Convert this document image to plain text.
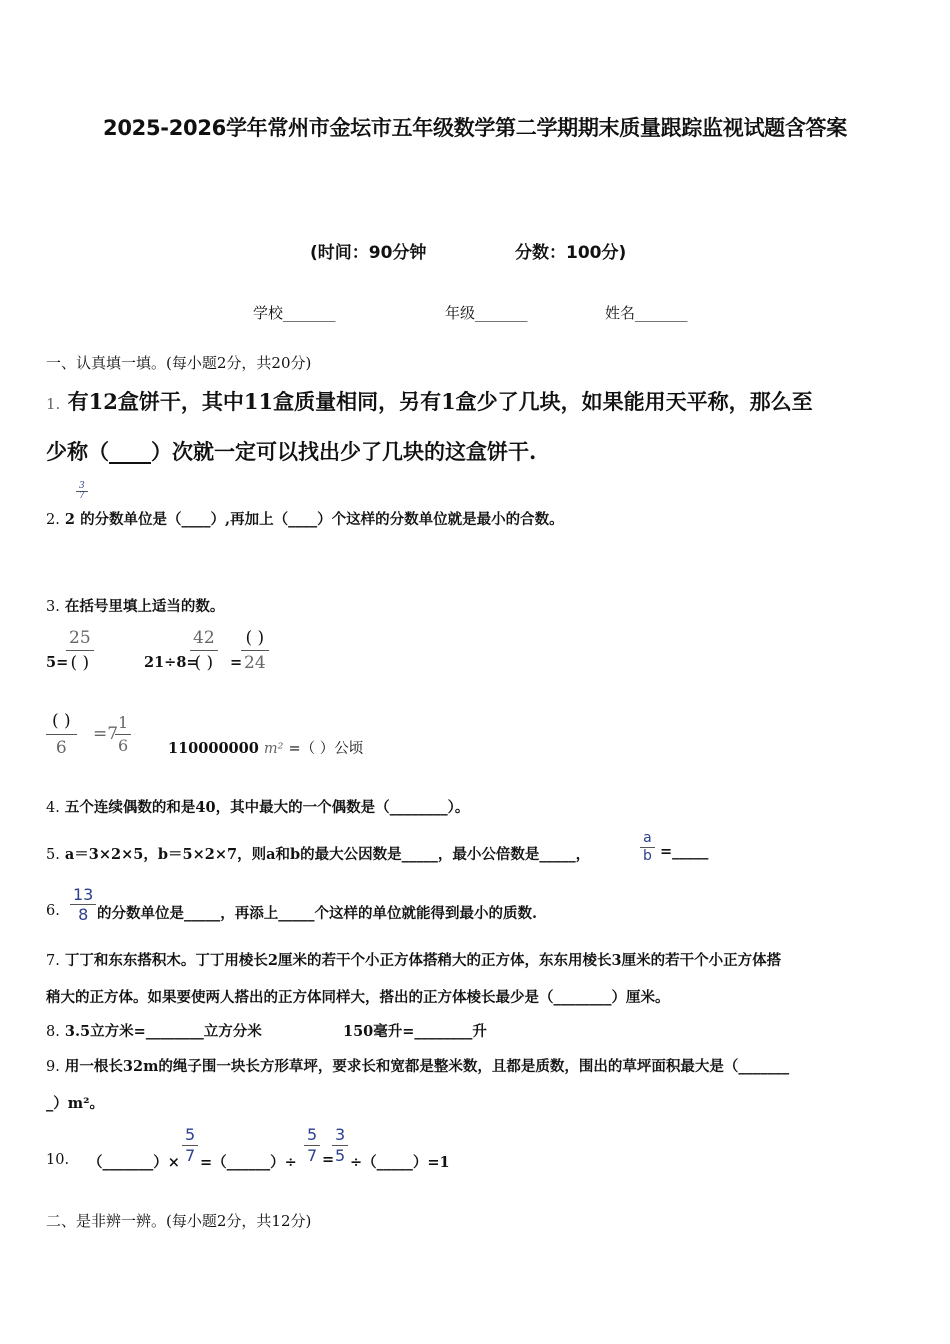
2025-2026学年常州市金坛市五年级数学第二学期期末质量跟踪监视试题含答案
(时间：90分钟	分数：100分)
学校_______	年级_______	姓名_______
一、认真填一填。(每小题2分，共20分)
1. 有12盒饼干，其中11盒质量相同，另有1盒少了几块，如果能用天平称，那么至
少称（____）次就一定可以找出少了几块的这盒饼干.
2. 2 的分数单位是（____）,再加上（____）个这样的分数单位就是最小的合数。
$\frac{3}{7}$
3. 在括号里填上适当的数。
5=
25
( )	21÷8=
42
( )	=
( )
24
( )
6
=7
$\frac{1}{6}$	110000000 m² =（ ）公顷
4. 五个连续偶数的和是40，其中最大的一个偶数是（________）。
5. a＝3×2×5，b＝5×2×7，则a和b的最大公因数是_____，最小公倍数是_____，	$\frac{a}{b}$ =_____
6. $\frac{13}{8}$ 的分数单位是_____，再添上_____个这样的单位就能得到最小的质数.
7. 丁丁和东东搭积木。丁丁用棱长2厘米的若干个小正方体搭稍大的正方体，东东用棱长3厘米的若干个小正方体搭
稍大的正方体。如果要使两人搭出的正方体同样大，搭出的正方体棱长最少是（________）厘米。
8. 3.5立方米=________立方分米	150毫升=________升
9. 用一根长32m的绳子围一块长方形草坪，要求长和宽都是整米数，且都是质数，围出的草坪面积最大是（_______
_）m²。
10. （_______）× $\frac{5}{7}$ =（______）÷ $\frac{5}{7}$ =
$\frac{3}{5}$ ÷（_____）=1
二、是非辨一辨。(每小题2分，共12分)
